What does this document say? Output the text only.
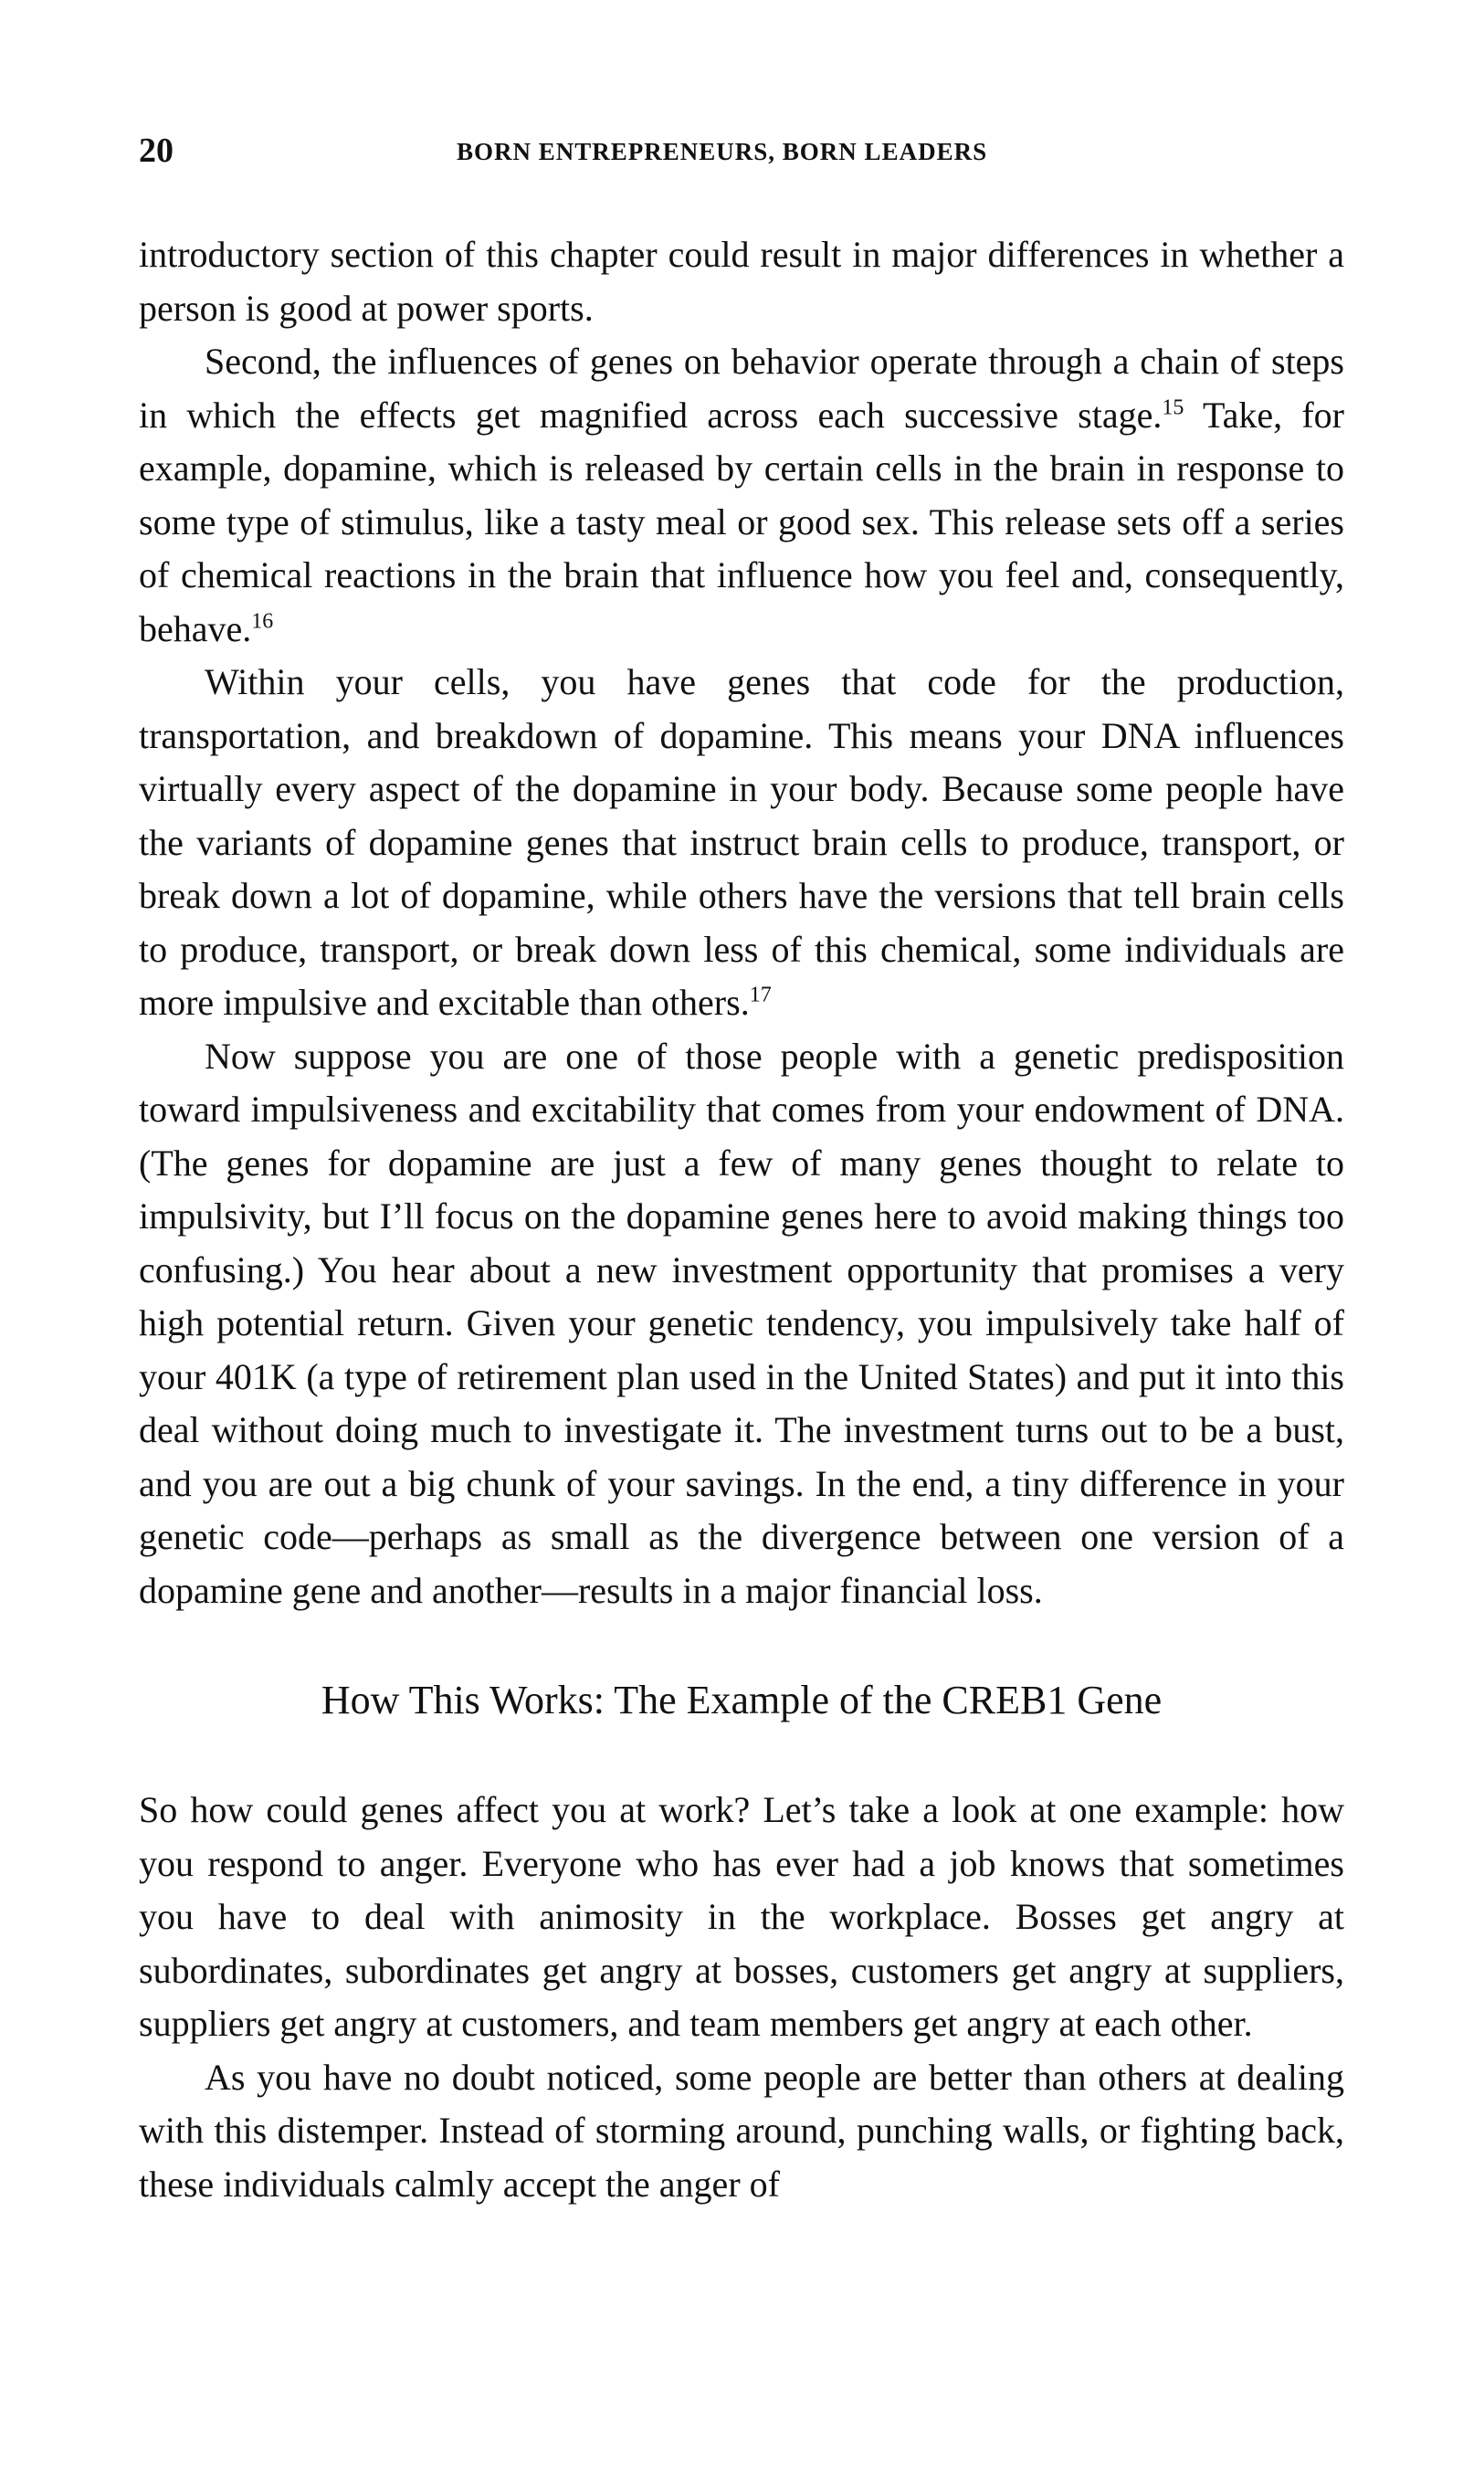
20	BORN ENTREPRENEURS, BORN LEADERS

introductory section of this chapter could result in major differences in whether a person is good at power sports.

Second, the influences of genes on behavior operate through a chain of steps in which the effects get magnified across each successive stage.$^{15}$ Take, for example, dopamine, which is released by certain cells in the brain in response to some type of stimulus, like a tasty meal or good sex. This release sets off a series of chemical reactions in the brain that influence how you feel and, consequently, behave.$^{16}$

Within your cells, you have genes that code for the production, transportation, and breakdown of dopamine. This means your DNA influences virtually every aspect of the dopamine in your body. Because some people have the variants of dopamine genes that instruct brain cells to produce, transport, or break down a lot of dopamine, while others have the versions that tell brain cells to produce, transport, or break down less of this chemical, some individuals are more impulsive and excitable than others.$^{17}$

Now suppose you are one of those people with a genetic predisposition toward impulsiveness and excitability that comes from your endowment of DNA. (The genes for dopamine are just a few of many genes thought to relate to impulsivity, but I’ll focus on the dopamine genes here to avoid making things too confusing.) You hear about a new investment opportunity that promises a very high potential return. Given your genetic tendency, you impulsively take half of your 401K (a type of retirement plan used in the United States) and put it into this deal without doing much to investigate it. The investment turns out to be a bust, and you are out a big chunk of your savings. In the end, a tiny difference in your genetic code—perhaps as small as the divergence between one version of a dopamine gene and another—results in a major financial loss.

How This Works: The Example of the CREB1 Gene

So how could genes affect you at work? Let’s take a look at one example: how you respond to anger. Everyone who has ever had a job knows that sometimes you have to deal with animosity in the workplace. Bosses get angry at subordinates, subordinates get angry at bosses, customers get angry at suppliers, suppliers get angry at customers, and team members get angry at each other.

As you have no doubt noticed, some people are better than others at dealing with this distemper. Instead of storming around, punching walls, or fighting back, these individuals calmly accept the anger of
